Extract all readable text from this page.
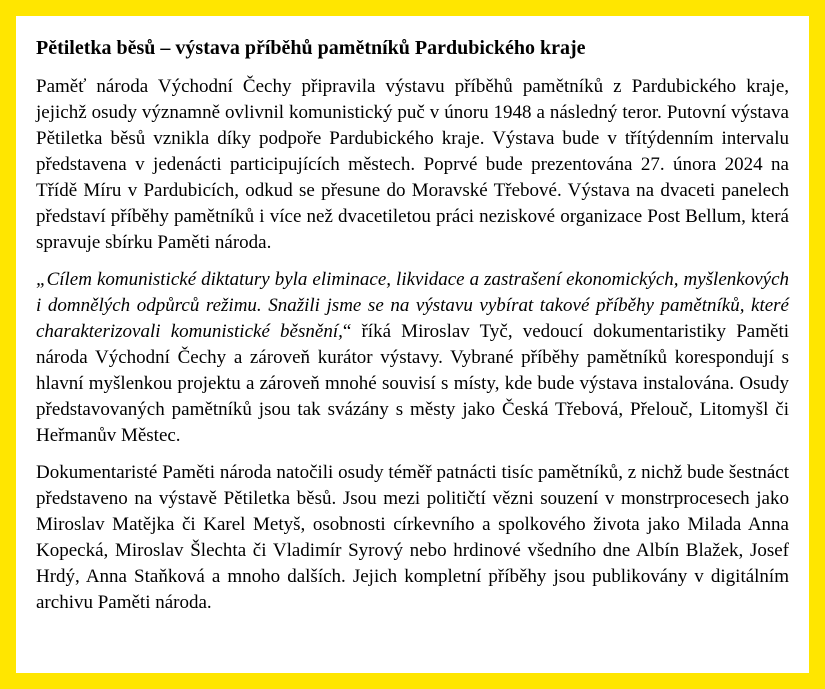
Pětiletka běsů – výstava příběhů pamětníků Pardubického kraje

Paměť národa Východní Čechy připravila výstavu příběhů pamětníků z Pardubického kraje, jejichž osudy významně ovlivnil komunistický puč v únoru 1948 a následný teror. Putovní výstava Pětiletka běsů vznikla díky podpoře Pardubického kraje. Výstava bude v třítýdenním intervalu představena v jedenácti participujících městech. Poprvé bude prezentována 27. února 2024 na Třídě Míru v Pardubicích, odkud se přesune do Moravské Třebové. Výstava na dvaceti panelech představí příběhy pamětníků i více než dvacetiletou práci neziskové organizace Post Bellum, která spravuje sbírku Paměti národa.

„Cílem komunistické diktatury byla eliminace, likvidace a zastrašení ekonomických, myšlenkových i domnělých odpůrců režimu. Snažili jsme se na výstavu vybírat takové příběhy pamětníků, které charakterizovali komunistické běsnění,“ říká Miroslav Tyč, vedoucí dokumentaristiky Paměti národa Východní Čechy a zároveň kurátor výstavy. Vybrané příběhy pamětníků korespondují s hlavní myšlenkou projektu a zároveň mnohé souvisí s místy, kde bude výstava instalována. Osudy představovaných pamětníků jsou tak svázány s městy jako Česká Třebová, Přelouč, Litomyšl či Heřmanův Městec.

Dokumentaristé Paměti národa natočili osudy téměř patnácti tisíc pamětníků, z nichž bude šestnáct představeno na výstavě Pětiletka běsů. Jsou mezi političtí vězni souzení v monstrprocesech jako Miroslav Matějka či Karel Metyš, osobnosti církevního a spolkového života jako Milada Anna Kopecká, Miroslav Šlechta či Vladimír Syrový nebo hrdinové všedního dne Albín Blažek, Josef Hrdý, Anna Staňková a mnoho dalších. Jejich kompletní příběhy jsou publikovány v digitálním archivu Paměti národa.
